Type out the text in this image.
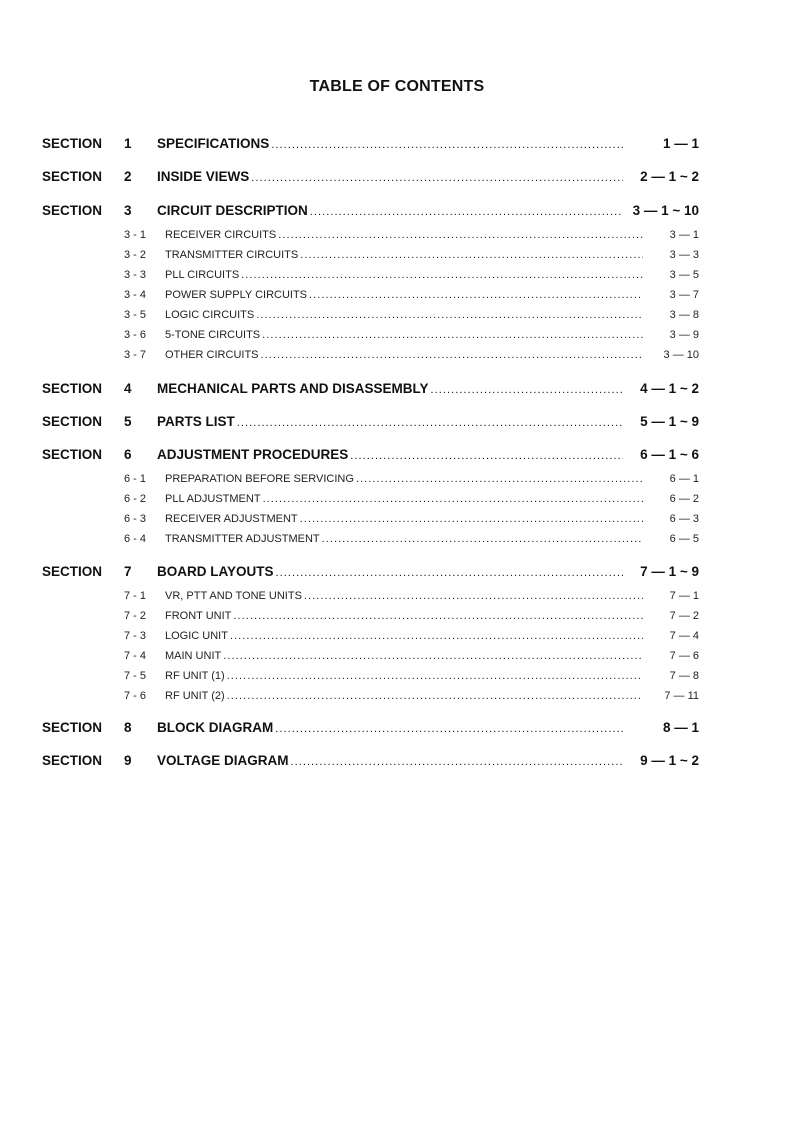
TABLE OF CONTENTS
SECTION 1 SPECIFICATIONS . . .	1 — 1
SECTION 2 INSIDE VIEWS . . .	2 — 1 ~ 2
SECTION 3 CIRCUIT DESCRIPTION . . .	3 — 1 ~ 10
3 - 1 RECEIVER CIRCUITS . . .	3 — 1
3 - 2 TRANSMITTER CIRCUITS . . .	3 — 3
3 - 3 PLL CIRCUITS . . .	3 — 5
3 - 4 POWER SUPPLY CIRCUITS . . .	3 — 7
3 - 5 LOGIC CIRCUITS . . .	3 — 8
3 - 6 5-TONE CIRCUITS . . .	3 — 9
3 - 7 OTHER CIRCUITS . . .	3 — 10
SECTION 4 MECHANICAL PARTS AND DISASSEMBLY . . .	4 — 1 ~ 2
SECTION 5 PARTS LIST . . .	5 — 1 ~ 9
SECTION 6 ADJUSTMENT PROCEDURES . . .	6 — 1 ~ 6
6 - 1 PREPARATION BEFORE SERVICING . . .	6 — 1
6 - 2 PLL ADJUSTMENT . . .	6 — 2
6 - 3 RECEIVER ADJUSTMENT . . .	6 — 3
6 - 4 TRANSMITTER ADJUSTMENT . . .	6 — 5
SECTION 7 BOARD LAYOUTS . . .	7 — 1 ~ 9
7 - 1 VR, PTT AND TONE UNITS . . .	7 — 1
7 - 2 FRONT UNIT . . .	7 — 2
7 - 3 LOGIC UNIT . . .	7 — 4
7 - 4 MAIN UNIT . . .	7 — 6
7 - 5 RF UNIT (1) . . .	7 — 8
7 - 6 RF UNIT (2) . . .	7 — 11
SECTION 8 BLOCK DIAGRAM . . .	8 — 1
SECTION 9 VOLTAGE DIAGRAM . . .	9 — 1 ~ 2
